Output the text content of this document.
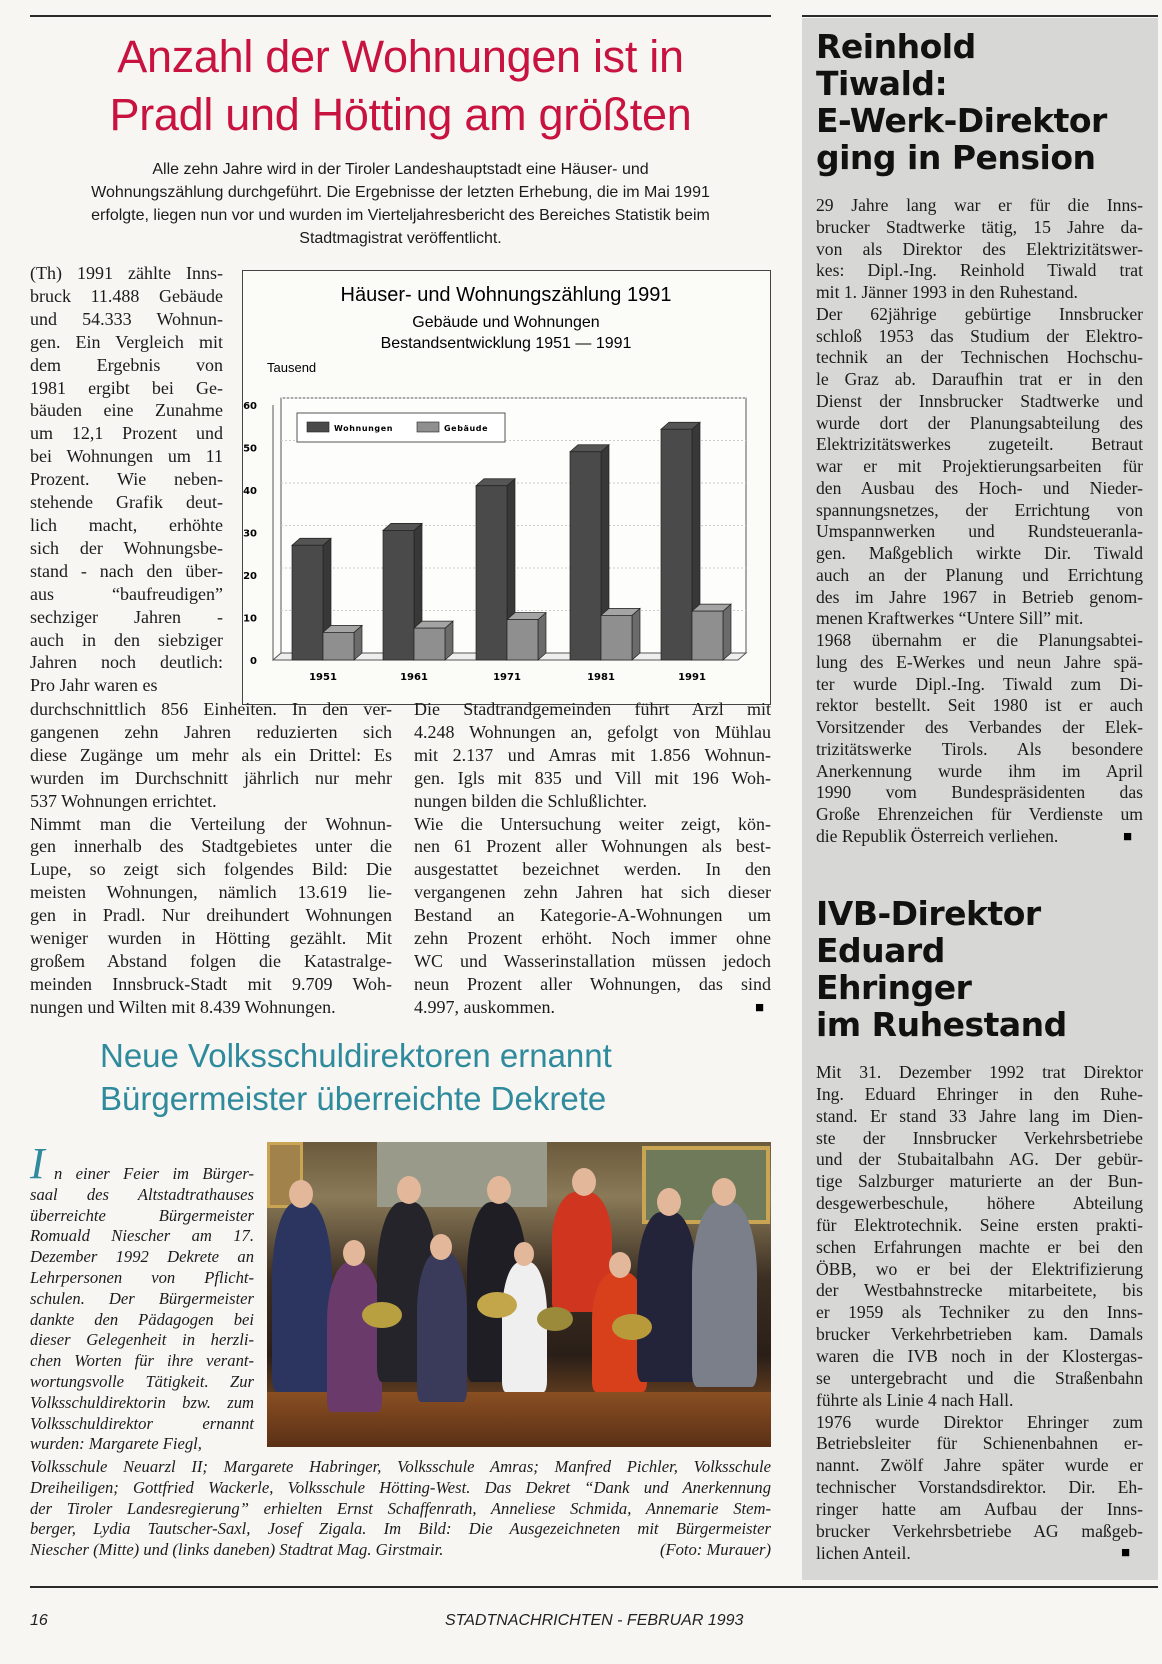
Anzahl der Wohnungen ist in
Pradl und Hötting am größten
Alle zehn Jahre wird in der Tiroler Landeshauptstadt eine Häuser- und
Wohnungszählung durchgeführt. Die Ergebnisse der letzten Erhebung, die im Mai 1991
erfolgte, liegen nun vor und wurden im Vierteljahresbericht des Bereiches Statistik beim
Stadtmagistrat veröffentlicht.
(Th) 1991 zählte Inns-
bruck 11.488 Gebäude
und 54.333 Wohnun-
gen. Ein Vergleich mit
dem Ergebnis von
1981 ergibt bei Ge-
bäuden eine Zunahme
um 12,1 Prozent und
bei Wohnungen um 11
Prozent. Wie neben-
stehende Grafik deut-
lich macht, erhöhte
sich der Wohnungsbe-
stand - nach den über-
aus “baufreudigen”
sechziger Jahren -
auch in den siebziger
Jahren noch deutlich:
Pro Jahr waren es
Häuser- und Wohnungszählung 1991
Gebäude und Wohnungen
Bestandsentwicklung 1951 — 1991
Tausend
0
10
20
30
40
50
60
1951	1961	1971	1981	1991
Wohnungen	Gebäude
durchschnittlich 856 Einheiten. In den ver-
gangenen zehn Jahren reduzierten sich
diese Zugänge um mehr als ein Drittel: Es
wurden im Durchschnitt jährlich nur mehr
537 Wohnungen errichtet.
Nimmt man die Verteilung der Wohnun-
gen innerhalb des Stadtgebietes unter die
Lupe, so zeigt sich folgendes Bild: Die
meisten Wohnungen, nämlich 13.619 lie-
gen in Pradl. Nur dreihundert Wohnungen
weniger wurden in Hötting gezählt. Mit
großem Abstand folgen die Katastralge-
meinden Innsbruck-Stadt mit 9.709 Woh-
nungen und Wilten mit 8.439 Wohnungen.
Die Stadtrandgemeinden führt Arzl mit
4.248 Wohnungen an, gefolgt von Mühlau
mit 2.137 und Amras mit 1.856 Wohnun-
gen. Igls mit 835 und Vill mit 196 Woh-
nungen bilden die Schlußlichter.
Wie die Untersuchung weiter zeigt, kön-
nen 61 Prozent aller Wohnungen als best-
ausgestattet bezeichnet werden. In den
vergangenen zehn Jahren hat sich dieser
Bestand an Kategorie-A-Wohnungen um
zehn Prozent erhöht. Noch immer ohne
WC und Wasserinstallation müssen jedoch
neun Prozent aller Wohnungen, das sind
4.997, auskommen.	■
Neue Volksschuldirektoren ernannt
Bürgermeister überreichte Dekrete
I n einer Feier im Bürger-
saal des Altstadtrathauses
überreichte Bürgermeister
Romuald Niescher am 17.
Dezember 1992 Dekrete an
Lehrpersonen von Pflicht-
schulen. Der Bürgermeister
dankte den Pädagogen bei
dieser Gelegenheit in herzli-
chen Worten für ihre verant-
wortungsvolle Tätigkeit. Zur
Volksschuldirektorin bzw. zum
Volksschuldirektor ernannt
wurden: Margarete Fiegl,
Volksschule Neuarzl II; Margarete Habringer, Volksschule Amras; Manfred Pichler, Volksschule
Dreiheiligen; Gottfried Wackerle, Volksschule Hötting-West. Das Dekret “Dank und Anerkennung
der Tiroler Landesregierung” erhielten Ernst Schaffenrath, Anneliese Schmida, Annemarie Stem-
berger, Lydia Tautscher-Saxl, Josef Zigala. Im Bild: Die Ausgezeichneten mit Bürgermeister
Niescher (Mitte) und (links daneben) Stadtrat Mag. Girstmair.	(Foto: Murauer)
Reinhold
Tiwald:
E-Werk-Direktor
ging in Pension
29 Jahre lang war er für die Inns-
brucker Stadtwerke tätig, 15 Jahre da-
von als Direktor des Elektrizitätswer-
kes: Dipl.-Ing. Reinhold Tiwald trat
mit 1. Jänner 1993 in den Ruhestand.
Der 62jährige gebürtige Innsbrucker
schloß 1953 das Studium der Elektro-
technik an der Technischen Hochschu-
le Graz ab. Daraufhin trat er in den
Dienst der Innsbrucker Stadtwerke und
wurde dort der Planungsabteilung des
Elektrizitätswerkes zugeteilt. Betraut
war er mit Projektierungsarbeiten für
den Ausbau des Hoch- und Nieder-
spannungsnetzes, der Errichtung von
Umspannwerken und Rundsteueranla-
gen. Maßgeblich wirkte Dir. Tiwald
auch an der Planung und Errichtung
des im Jahre 1967 in Betrieb genom-
menen Kraftwerkes “Untere Sill” mit.
1968 übernahm er die Planungsabtei-
lung des E-Werkes und neun Jahre spä-
ter wurde Dipl.-Ing. Tiwald zum Di-
rektor bestellt. Seit 1980 ist er auch
Vorsitzender des Verbandes der Elek-
trizitätswerke Tirols. Als besondere
Anerkennung wurde ihm im April
1990 vom Bundespräsidenten das
Große Ehrenzeichen für Verdienste um
die Republik Österreich verliehen.	■
IVB-Direktor
Eduard
Ehringer
im Ruhestand
Mit 31. Dezember 1992 trat Direktor
Ing. Eduard Ehringer in den Ruhe-
stand. Er stand 33 Jahre lang im Dien-
ste der Innsbrucker Verkehrsbetriebe
und der Stubaitalbahn AG. Der gebür-
tige Salzburger maturierte an der Bun-
desgewerbeschule, höhere Abteilung
für Elektrotechnik. Seine ersten prakti-
schen Erfahrungen machte er bei den
ÖBB, wo er bei der Elektrifizierung
der Westbahnstrecke mitarbeitete, bis
er 1959 als Techniker zu den Inns-
brucker Verkehrbetrieben kam. Damals
waren die IVB noch in der Klostergas-
se untergebracht und die Straßenbahn
führte als Linie 4 nach Hall.
1976 wurde Direktor Ehringer zum
Betriebsleiter für Schienenbahnen er-
nannt. Zwölf Jahre später wurde er
technischer Vorstandsdirektor. Dir. Eh-
ringer hatte am Aufbau der Inns-
brucker Verkehrsbetriebe AG maßgeb-
lichen Anteil.	■
16	STADTNACHRICHTEN - FEBRUAR 1993
